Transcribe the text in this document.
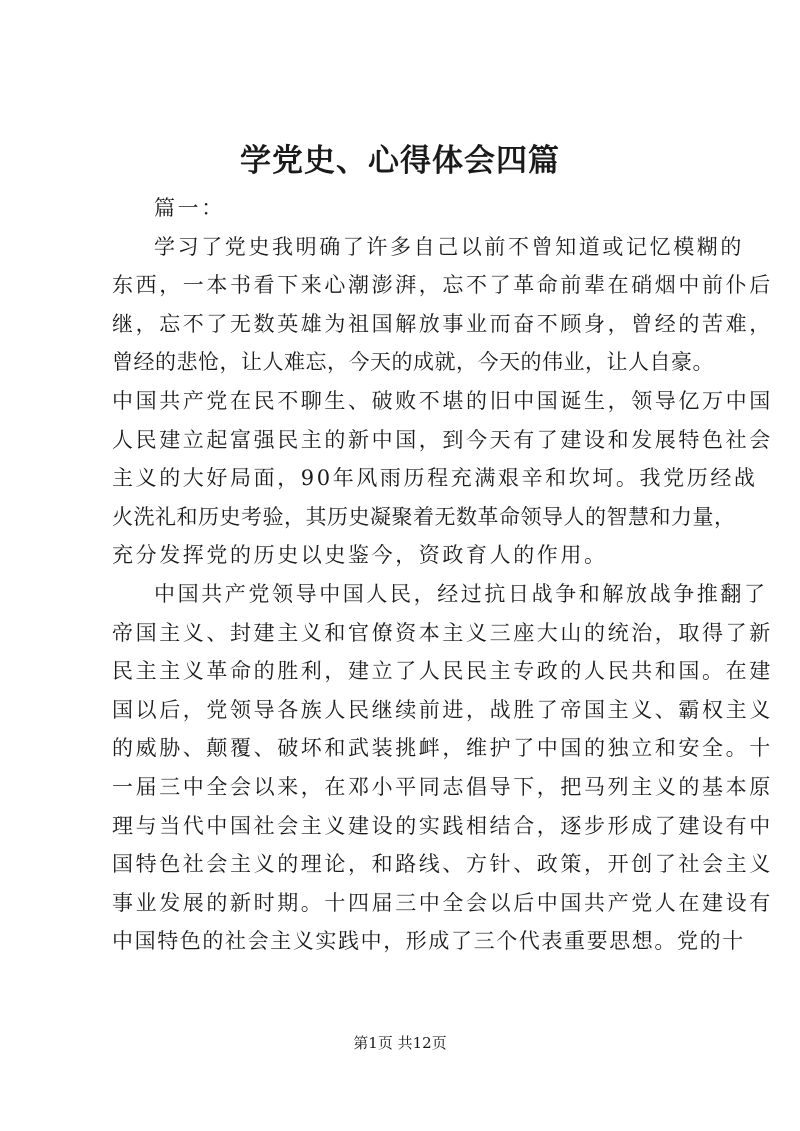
学党史、心得体会四篇

篇一：

学习了党史我明确了许多自己以前不曾知道或记忆模糊的

东西，一本书看下来心潮澎湃，忘不了革命前辈在硝烟中前仆后

继，忘不了无数英雄为祖国解放事业而奋不顾身，曾经的苦难，

曾经的悲怆，让人难忘，今天的成就，今天的伟业，让人自豪。

中国共产党在民不聊生、破败不堪的旧中国诞生，领导亿万中国

人民建立起富强民主的新中国，到今天有了建设和发展特色社会

主义的大好局面，90年风雨历程充满艰辛和坎坷。我党历经战

火洗礼和历史考验，其历史凝聚着无数革命领导人的智慧和力量，

充分发挥党的历史以史鉴今，资政育人的作用。

中国共产党领导中国人民，经过抗日战争和解放战争推翻了

帝国主义、封建主义和官僚资本主义三座大山的统治，取得了新

民主主义革命的胜利，建立了人民民主专政的人民共和国。在建

国以后，党领导各族人民继续前进，战胜了帝国主义、霸权主义

的威胁、颠覆、破坏和武装挑衅，维护了中国的独立和安全。十

一届三中全会以来，在邓小平同志倡导下，把马列主义的基本原

理与当代中国社会主义建设的实践相结合，逐步形成了建设有中

国特色社会主义的理论，和路线、方针、政策，开创了社会主义

事业发展的新时期。十四届三中全会以后中国共产党人在建设有

中国特色的社会主义实践中，形成了三个代表重要思想。党的十

第1页 共12页
